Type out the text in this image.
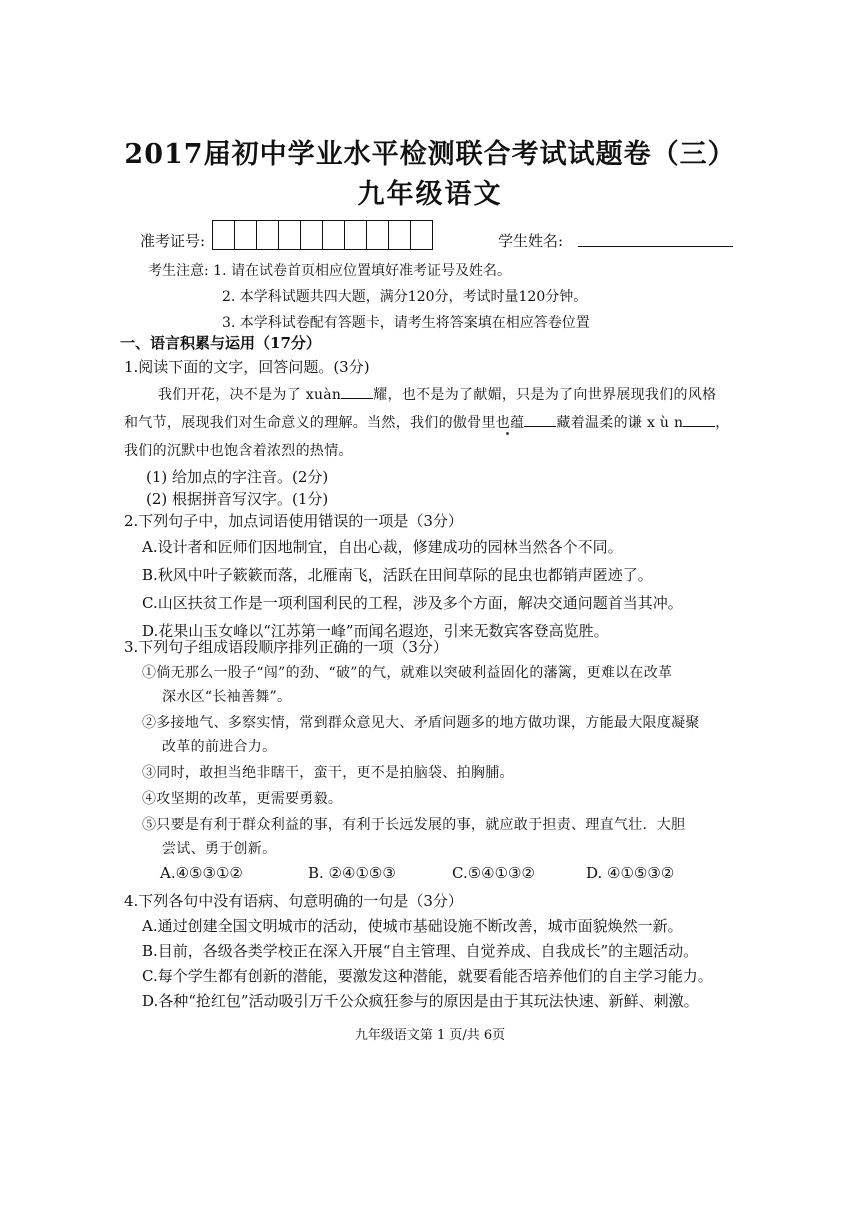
2017届初中学业水平检测联合考试试题卷（三）
九年级语文
准考证号:	学生姓名:
考生注意: 1. 请在试卷首页相应位置填好准考证号及姓名。
2. 本学科试题共四大题，满分120分，考试时量120分钟。
3. 本学科试卷配有答题卡，请考生将答案填在相应答卷位置
一、语言积累与运用（17分）
1.阅读下面的文字，回答问题。(3分)
我们开花，决不是为了 xuàn 耀，也不是为了献媚，只是为了向世界展现我们的风格
和气节，展现我们对生命意义的理解。当然，我们的傲骨里也蕴 藏着温柔的谦 x ù n ，
我们的沉默中也饱含着浓烈的热情。
(1) 给加点的字注音。(2分)
(2) 根据拼音写汉字。(1分)
2.下列句子中，加点词语使用错误的一项是（3分）
A.设计者和匠师们因地制宜，自出心裁，修建成功的园林当然各个不同。
B.秋风中叶子簌簌而落，北雁南飞，活跃在田间草际的昆虫也都销声匿迹了。
C.山区扶贫工作是一项利国利民的工程，涉及多个方面，解决交通问题首当其冲。
D.花果山玉女峰以“江苏第一峰”而闻名遐迩，引来无数宾客登高览胜。
3.下列句子组成语段顺序排列正确的一项（3分）
①倘无那么一股子“闯”的劲、“破”的气，就难以突破利益固化的藩篱，更难以在改革
深水区“长袖善舞”。
②多接地气、多察实情，常到群众意见大、矛盾问题多的地方做功课，方能最大限度凝聚
改革的前进合力。
③同时，敢担当绝非瞎干，蛮干，更不是拍脑袋、拍胸脯。
④攻坚期的改革，更需要勇毅。
⑤只要是有利于群众利益的事，有利于长远发展的事，就应敢于担责、理直气壮．大胆
尝试、勇于创新。
A.④⑤③①②	B. ②④①⑤③	C.⑤④①③②	D. ④①⑤③②
4.下列各句中没有语病、句意明确的一句是（3分）
A.通过创建全国文明城市的活动，使城市基础设施不断改善，城市面貌焕然一新。
B.目前，各级各类学校正在深入开展“自主管理、自觉养成、自我成长”的主题活动。
C.每个学生都有创新的潜能，要激发这种潜能，就要看能否培养他们的自主学习能力。
D.各种“抢红包”活动吸引万千公众疯狂参与的原因是由于其玩法快速、新鲜、刺激。
九年级语文第 1 页/共 6页
